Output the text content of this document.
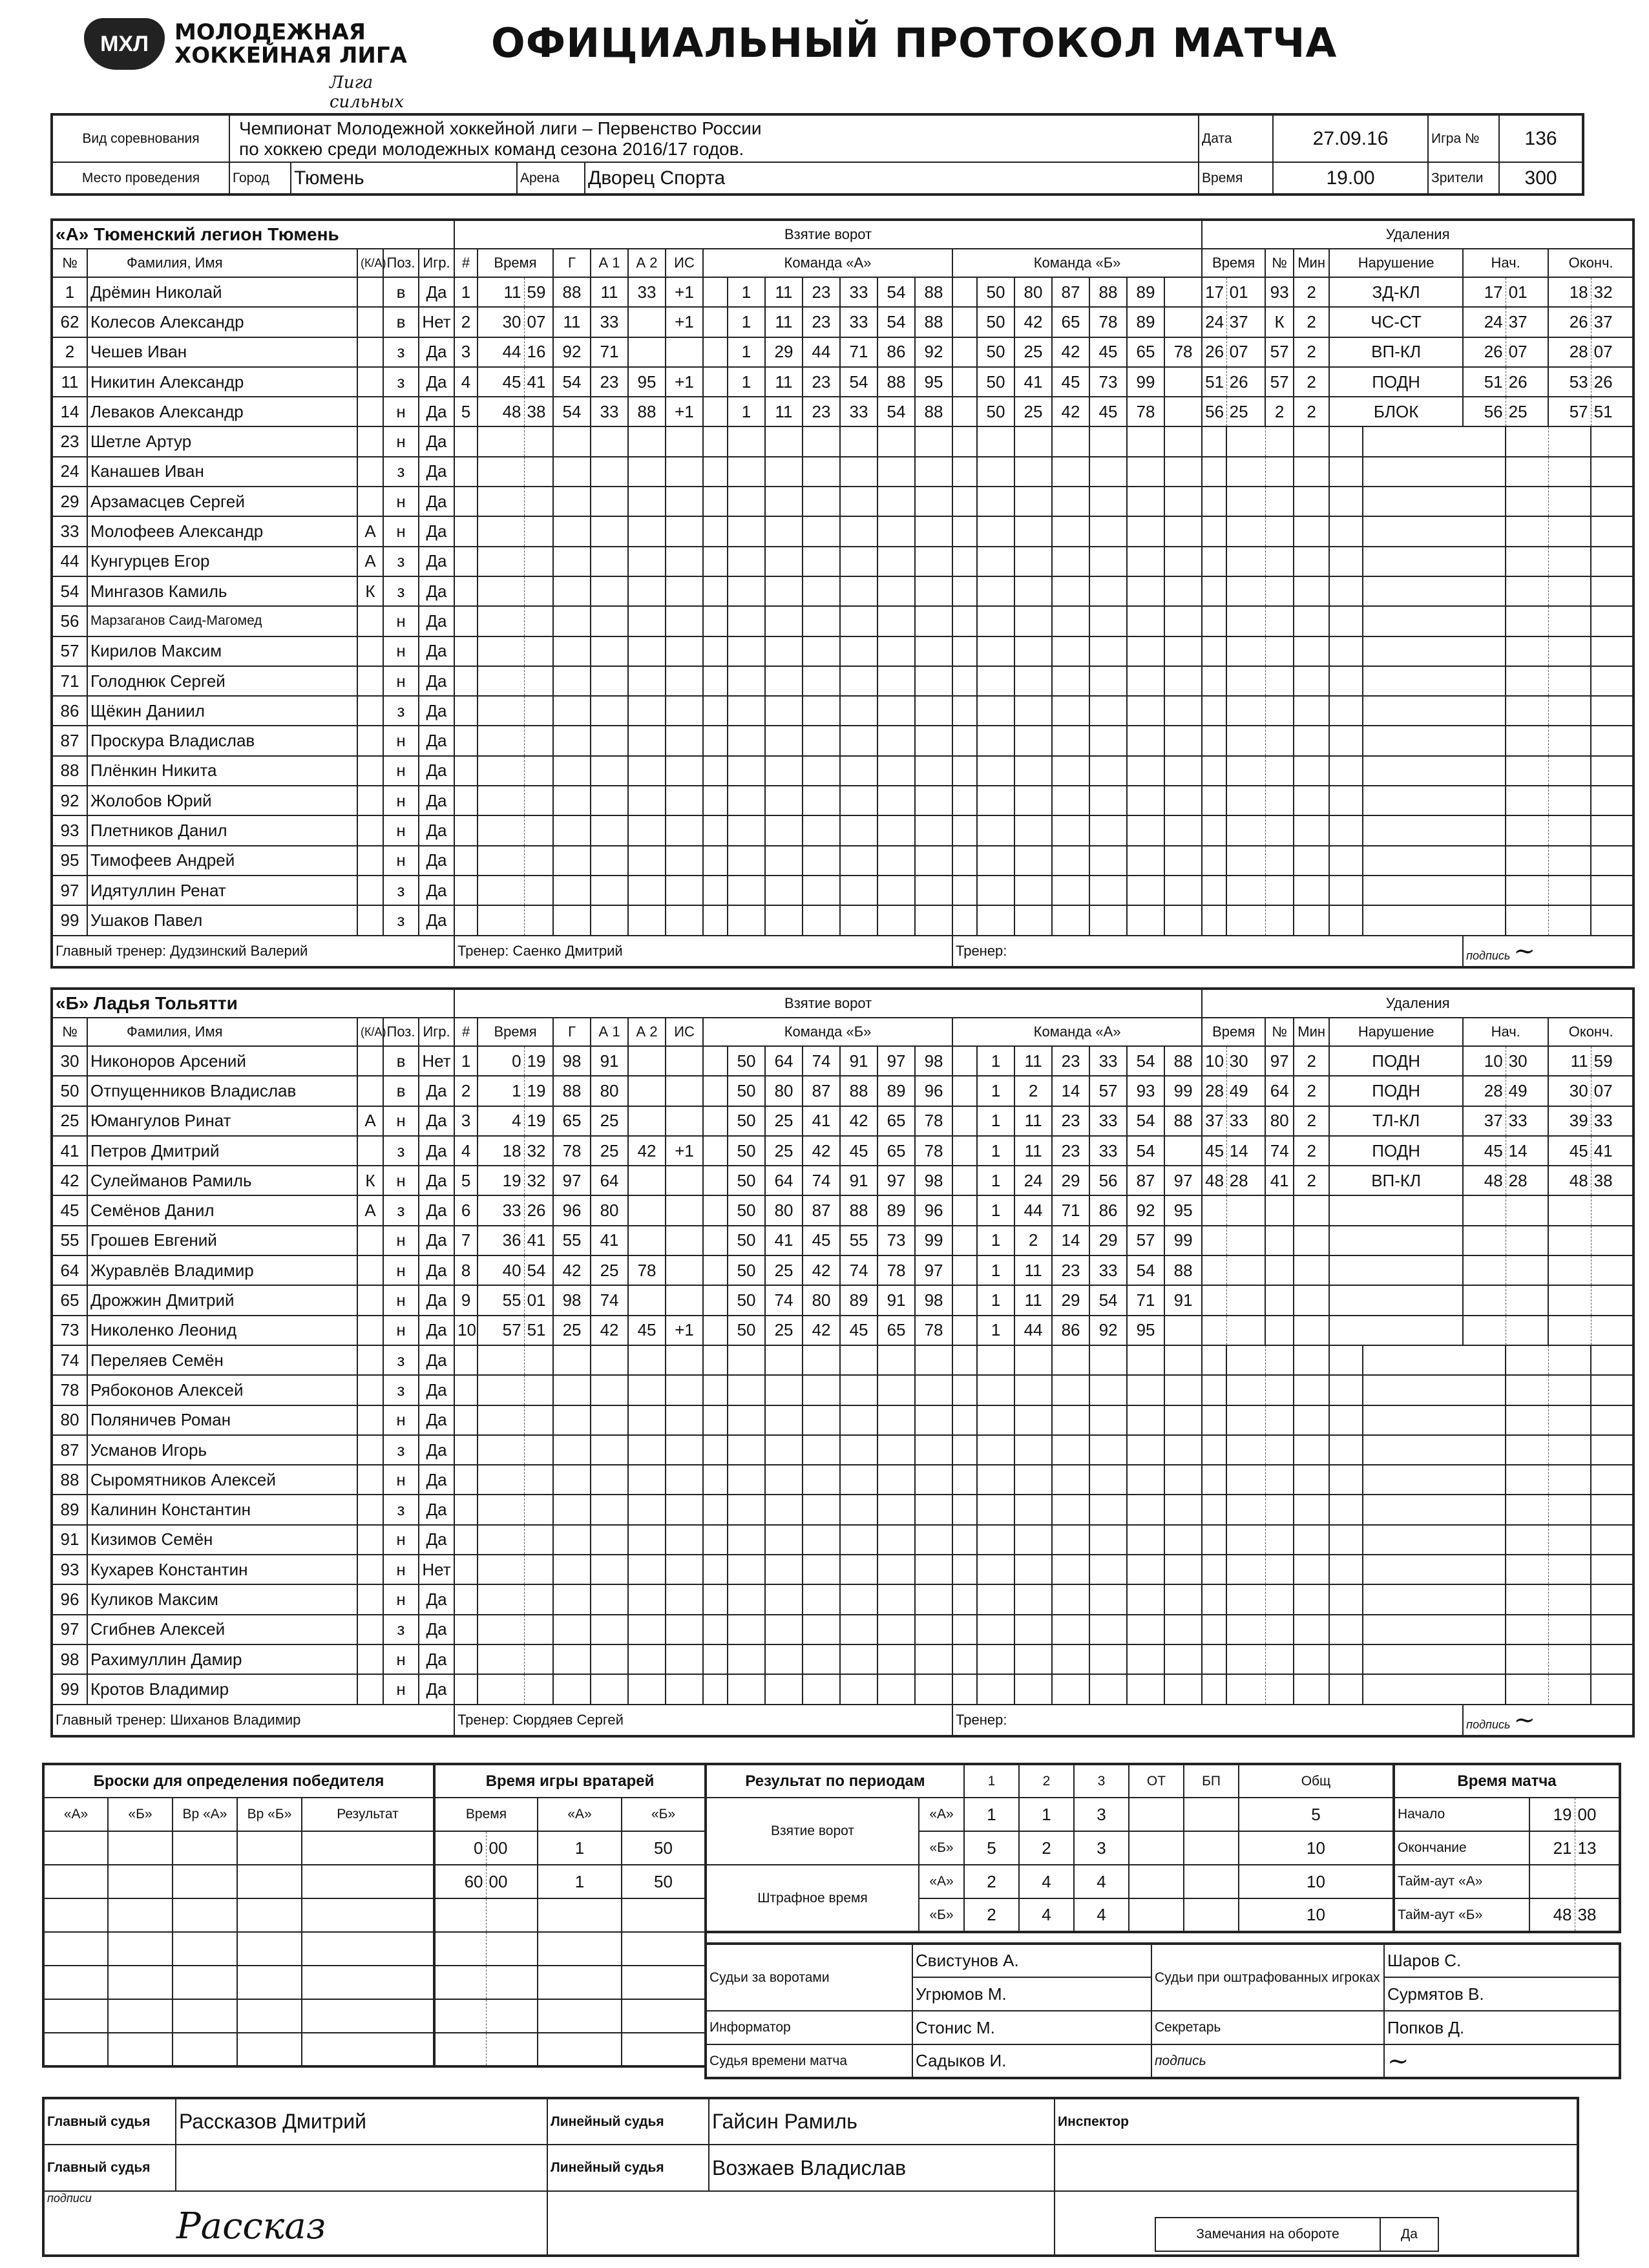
МХЛ	МОЛОДЕЖНАЯ
ХОККЕЙНАЯ ЛИГА
Лига сильных
ОФИЦИАЛЬНЫЙ ПРОТОКОЛ МАТЧА
Вид соревнования	Чемпионат Молодежной хоккейной лиги – Первенство России
по хоккею среди молодежных команд сезона 2016/17 годов.				Дата	27.09.16	Игра №	136
Место проведения	Город	Тюмень	Арена	Дворец Спорта	Время	19.00	Зрители	300
«А» Тюменский легион Тюмень					Взятие ворот																					Удаления										
№	Фамилия, Имя	(К/А)	Поз.	Игр.	#	Время		Г	А 1	А 2	ИС	Команда «А»							Команда «Б»							Время		№	Мин	Нарушение		Нач.		Оконч.		
1	Дрёмин Николай		в	Да	1	11	59	88	11	33	+1		1	11	23	33	54	88		50	80	87	88	89		17	01	93	2	ЗД-КЛ		17	01	18	32	
62	Колесов Александр		в	Нет	2	30	07	11	33		+1		1	11	23	33	54	88		50	42	65	78	89		24	37	К	2	ЧС-СТ		24	37	26	37	
2	Чешев Иван		з	Да	3	44	16	92	71				1	29	44	71	86	92		50	25	42	45	65	78	26	07	57	2	ВП-КЛ		26	07	28	07	
11	Никитин Александр		з	Да	4	45	41	54	23	95	+1		1	11	23	54	88	95		50	41	45	73	99		51	26	57	2	ПОДН		51	26	53	26	
14	Леваков Александр		н	Да	5	48	38	54	33	88	+1		1	11	23	33	54	88		50	25	42	45	78		56	25	2	2	БЛОК		56	25	57	51	
23	Шетле Артур		н	Да																																
24	Канашев Иван		з	Да																																
29	Арзамасцев Сергей		н	Да																																
33	Молофеев Александр	А	н	Да																																
44	Кунгурцев Егор	А	з	Да																																
54	Мингазов Камиль	К	з	Да																																
56	Марзаганов Саид-Магомед		н	Да																																
57	Кирилов Максим		н	Да																																
71	Голоднюк Сергей		н	Да																																
86	Щёкин Даниил		з	Да																																
87	Проскура Владислав		н	Да																																
88	Плёнкин Никита		н	Да																																
92	Жолобов Юрий		н	Да																																
93	Плетников Данил		н	Да																																
95	Тимофеев Андрей		н	Да																																
97	Идятуллин Ренат		з	Да																																
99	Ушаков Павел		з	Да																																
Главный тренер: Дудзинский Валерий					Тренер: Саенко Дмитрий														Тренер:													подпись ~				
«Б» Ладья Тольятти					Взятие ворот																					Удаления										
№	Фамилия, Имя	(К/А)	Поз.	Игр.	#	Время		Г	А 1	А 2	ИС	Команда «Б»							Команда «А»							Время		№	Мин	Нарушение		Нач.		Оконч.		
30	Никоноров Арсений		в	Нет	1	0	19	98	91				50	64	74	91	97	98		1	11	23	33	54	88	10	30	97	2	ПОДН		10	30	11	59	
50	Отпущенников Владислав		в	Да	2	1	19	88	80				50	80	87	88	89	96		1	2	14	57	93	99	28	49	64	2	ПОДН		28	49	30	07	
25	Юмангулов Ринат	А	н	Да	3	4	19	65	25				50	25	41	42	65	78		1	11	23	33	54	88	37	33	80	2	ТЛ-КЛ		37	33	39	33	
41	Петров Дмитрий		з	Да	4	18	32	78	25	42	+1		50	25	42	45	65	78		1	11	23	33	54		45	14	74	2	ПОДН		45	14	45	41	
42	Сулейманов Рамиль	К	н	Да	5	19	32	97	64				50	64	74	91	97	98		1	24	29	56	87	97	48	28	41	2	ВП-КЛ		48	28	48	38	
45	Семёнов Данил	А	з	Да	6	33	26	96	80				50	80	87	88	89	96		1	44	71	86	92	95											
55	Грошев Евгений		н	Да	7	36	41	55	41				50	41	45	55	73	99		1	2	14	29	57	99											
64	Журавлёв Владимир		н	Да	8	40	54	42	25	78			50	25	42	74	78	97		1	11	23	33	54	88											
65	Дрожжин Дмитрий		н	Да	9	55	01	98	74				50	74	80	89	91	98		1	11	29	54	71	91											
73	Николенко Леонид		н	Да	10	57	51	25	42	45	+1		50	25	42	45	65	78		1	44	86	92	95												
74	Переляев Семён		з	Да																																
78	Рябоконов Алексей		з	Да																																
80	Поляничев Роман		н	Да																																
87	Усманов Игорь		з	Да																																
88	Сыромятников Алексей		н	Да																																
89	Калинин Константин		з	Да																																
91	Кизимов Семён		н	Да																																
93	Кухарев Константин		н	Нет																																
96	Куликов Максим		н	Да																																
97	Сгибнев Алексей		з	Да																																
98	Рахимуллин Дамир		н	Да																																
99	Кротов Владимир		н	Да																																
Главный тренер: Шиханов Владимир					Тренер: Сюрдяев Сергей														Тренер:													подпись ~				
Броски для определения победителя				
«А»	«Б»	Вр «А»	Вр «Б»	Результат

Время игры вратарей			
Время		«А»	«Б»
0	00	1	50
60	00	1	50

Результат по периодам		1	2	3	ОТ	БП	Общ
Взятие ворот	«А»	1	1	3			5
	«Б»	5	2	3			10
Штрафное время	«А»	2	4	4			10
	«Б»	2	4	4			10
Время матча		
Начало	19	00
Окончание	21	13
Тайм-аут «А»		
Тайм-аут «Б»	48	38
Судьи за воротами	Свистунов А.	Судьи при оштрафованных игроках	Шаров С.
	Угрюмов М.		Сурмятов В.
Информатор	Стонис М.	Секретарь	Попков Д.
Судья времени матча	Садыков И.	подпись	~
Главный судья	Рассказов Дмитрий	Линейный судья	Гайсин Рамиль	Инспектор
Главный судья		Линейный судья	Возжаев Владислав	

подписи
Рассказ
			Замечания на обороте	Да
